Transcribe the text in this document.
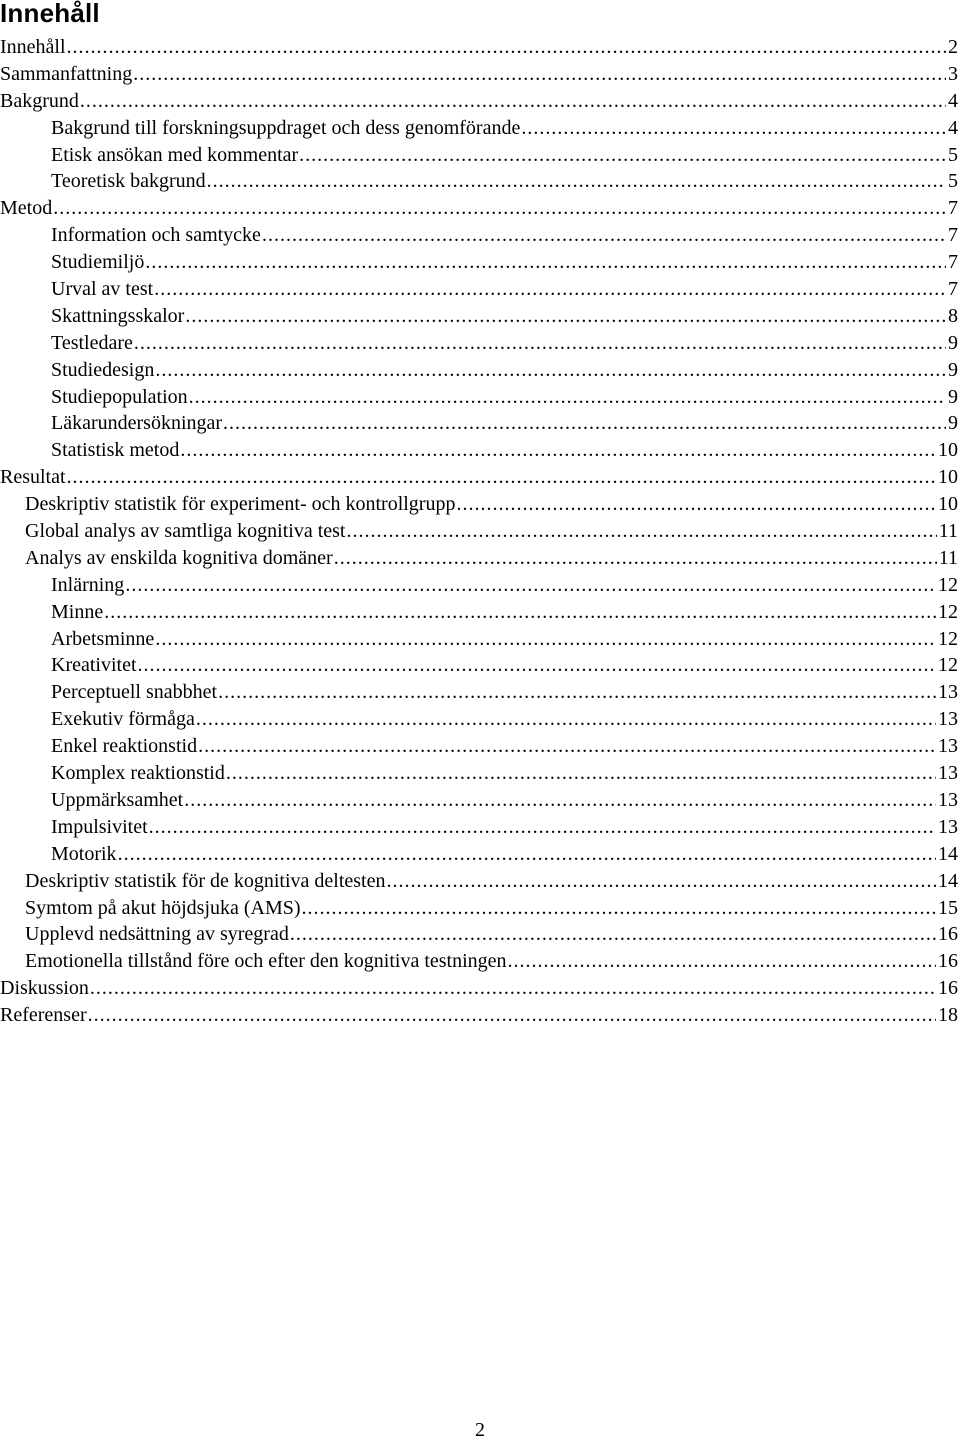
Innehåll
Innehåll .....	2
Sammanfattning .....	3
Bakgrund .....	4
Bakgrund till forskningsuppdraget och dess genomförande .....	4
Etisk ansökan med kommentar .....	5
Teoretisk bakgrund .....	5
Metod .....	7
Information och samtycke .....	7
Studiemiljö .....	7
Urval av test .....	7
Skattningsskalor .....	8
Testledare .....	9
Studiedesign .....	9
Studiepopulation .....	9
Läkarundersökningar .....	9
Statistisk metod .....	10
Resultat .....	10
Deskriptiv statistik för experiment- och kontrollgrupp .....	10
Global analys av samtliga kognitiva test .....	11
Analys av enskilda kognitiva domäner .....	11
Inlärning .....	12
Minne .....	12
Arbetsminne .....	12
Kreativitet .....	12
Perceptuell snabbhet .....	13
Exekutiv förmåga .....	13
Enkel reaktionstid .....	13
Komplex reaktionstid .....	13
Uppmärksamhet .....	13
Impulsivitet .....	13
Motorik .....	14
Deskriptiv statistik för de kognitiva deltesten .....	14
Symtom på akut höjdsjuka (AMS) .....	15
Upplevd nedsättning av syregrad .....	16
Emotionella tillstånd före och efter den kognitiva testningen .....	16
Diskussion .....	16
Referenser .....	18
2
